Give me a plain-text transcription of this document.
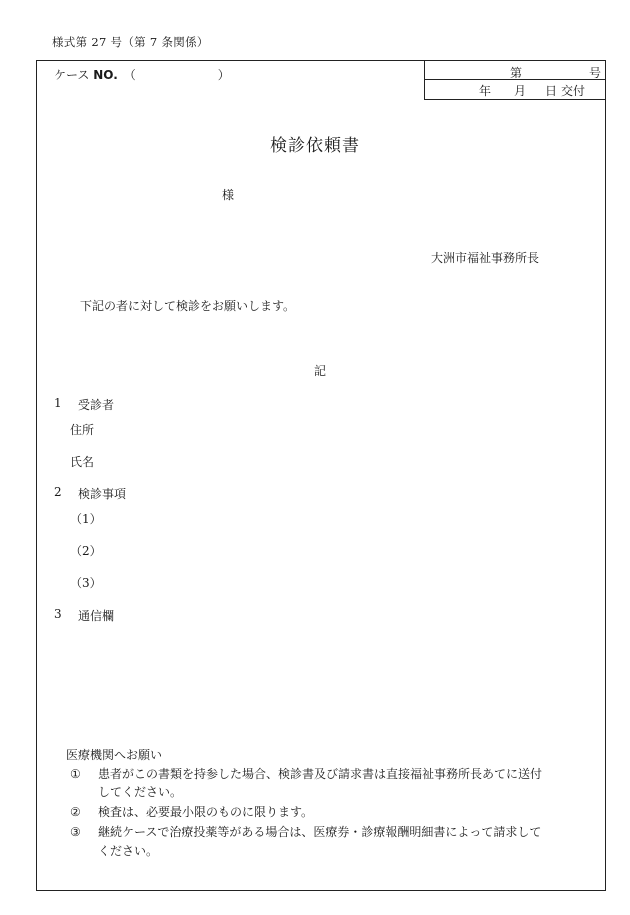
様式第 27 号（第 7 条関係）
ケース NO. （	）	第	号
年 月 日 交付
検診依頼書
様
大洲市福祉事務所長
下記の者に対して検診をお願いします。
記
1 受診者
住所
氏名
2 検診事項
（1）
（2）
（3）
3 通信欄
医療機関へお願い
① 患者がこの書類を持参した場合、検診書及び請求書は直接福祉事務所長あてに送付
してください。
② 検査は、必要最小限のものに限ります。
③ 継続ケースで治療投薬等がある場合は、医療券・診療報酬明細書によって請求して
ください。
